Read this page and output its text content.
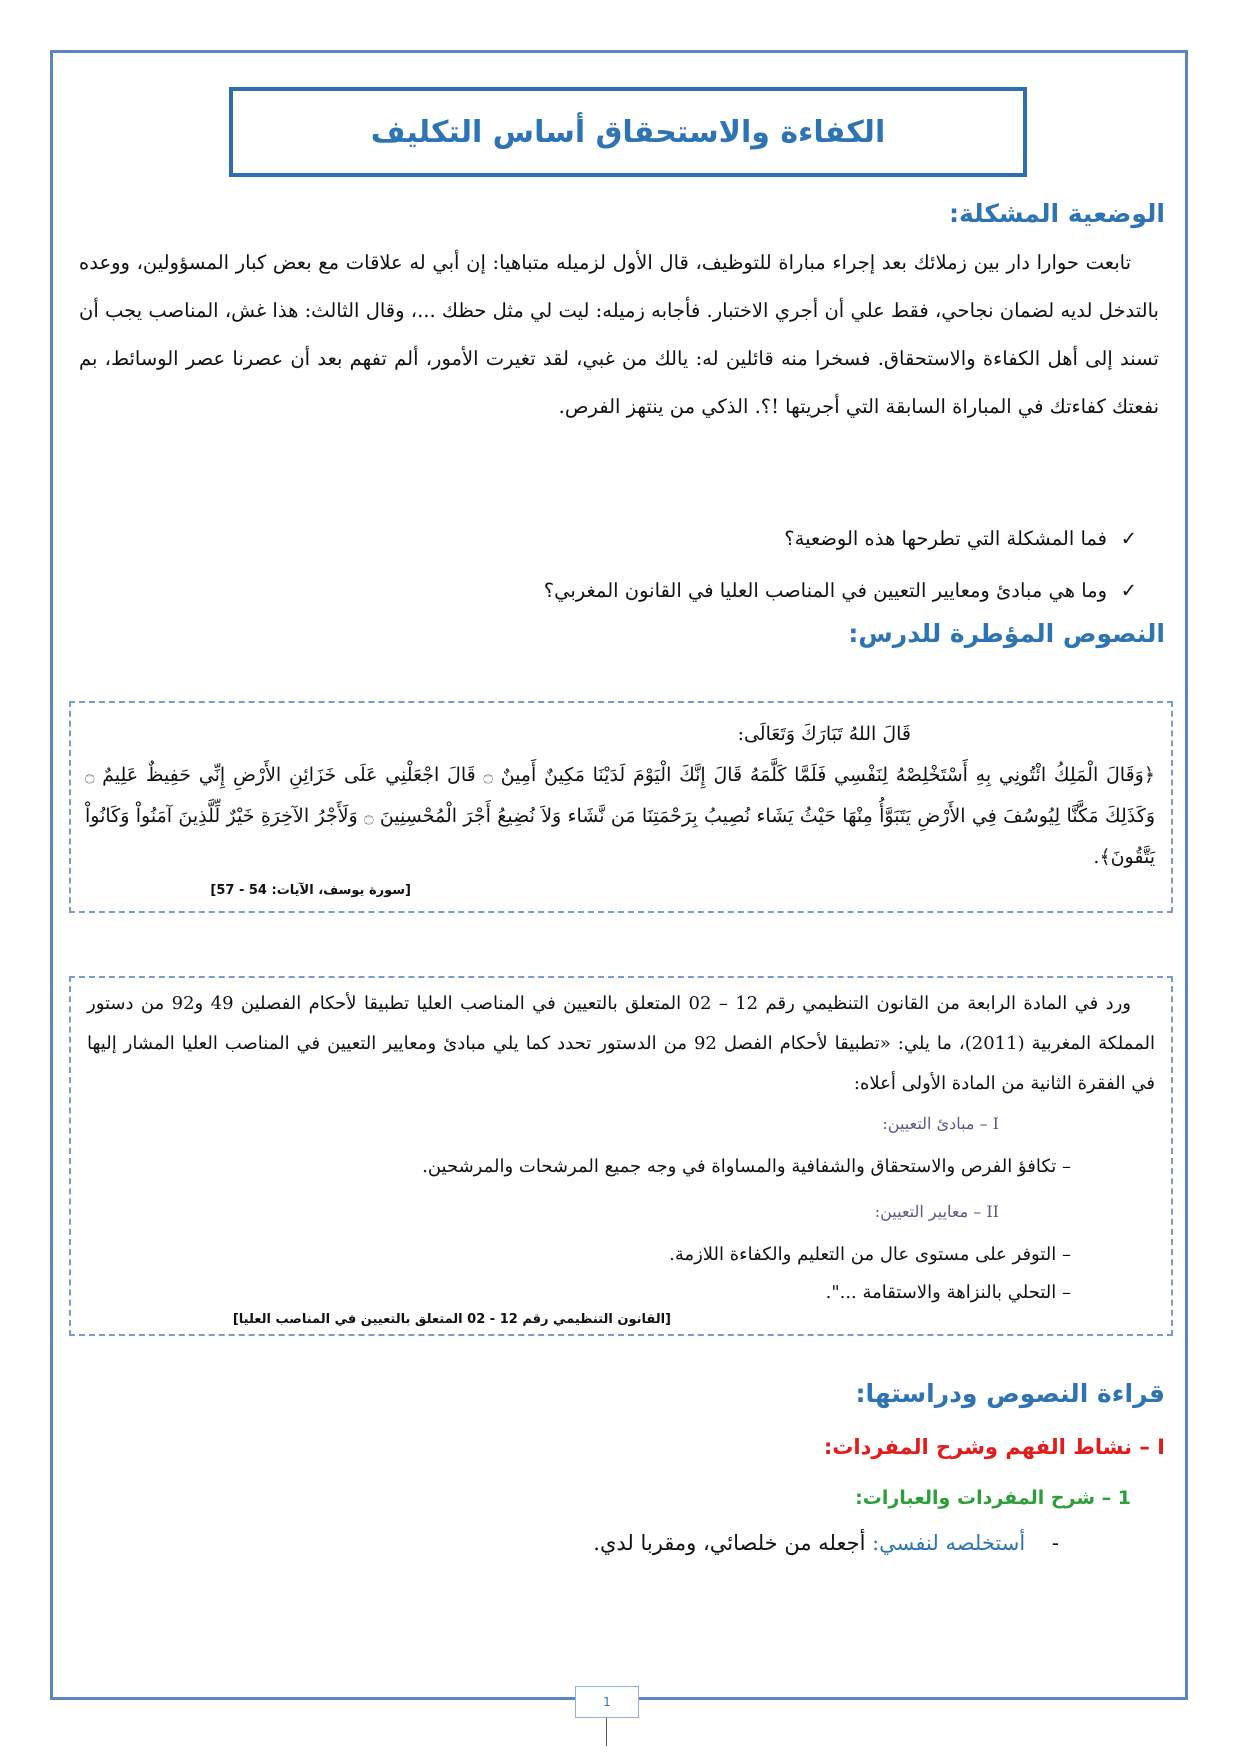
الكفاءة والاستحقاق أساس التكليف
الوضعية المشكلة:

تابعت حوارا دار بين زملائك بعد إجراء مباراة للتوظيف، قال الأول لزميله متباهيا: إن أبي له علاقات مع بعض كبار المسؤولين، ووعده بالتدخل لديه لضمان نجاحي، فقط علي أن أجري الاختبار. فأجابه زميله: ليت لي مثل حظك ...، وقال الثالث: هذا غش، المناصب يجب أن تسند إلى أهل الكفاءة والاستحقاق. فسخرا منه قائلين له: يالك من غبي، لقد تغيرت الأمور، ألم تفهم بعد أن عصرنا عصر الوسائط، بم نفعتك كفاءتك في المباراة السابقة التي أجريتها !؟. الذكي من ينتهز الفرص.

✓فما المشكلة التي تطرحها هذه الوضعية؟
✓وما هي مبادئ ومعايير التعيين في المناصب العليا في القانون المغربي؟
النصوص المؤطرة للدرس:

قَالَ اللهُ تَبَارَكَ وَتَعَالَى:

﴿وَقَالَ الْمَلِكُ ائْتُونِي بِهِ أَسْتَخْلِصْهُ لِنَفْسِي فَلَمَّا كَلَّمَهُ قَالَ إِنَّكَ الْيَوْمَ لَدَيْنَا مَكِينٌ أَمِينٌ ۝ قَالَ اجْعَلْنِي عَلَى خَزَائِنِ الأَرْضِ إِنِّي حَفِيظٌ عَلِيمٌ ۝ وَكَذَلِكَ مَكَّنَّا لِيُوسُفَ فِي الأَرْضِ يَتَبَوَّأُ مِنْهَا حَيْثُ يَشَاء نُصِيبُ بِرَحْمَتِنَا مَن نَّشَاء وَلاَ نُضِيعُ أَجْرَ الْمُحْسِنِينَ ۝ وَلَأَجْرُ الآخِرَةِ خَيْرٌ لِّلَّذِينَ آمَنُواْ وَكَانُواْ يَتَّقُونَ﴾.

[سورة يوسف، الآيات: 54 - 57]

ورد في المادة الرابعة من القانون التنظيمي رقم 12 – 02 المتعلق بالتعيين في المناصب العليا تطبيقا لأحكام الفصلين 49 و92 من دستور المملكة المغربية (2011)، ما يلي: «تطبيقا لأحكام الفصل 92 من الدستور تحدد كما يلي مبادئ ومعايير التعيين في المناصب العليا المشار إليها في الفقرة الثانية من المادة الأولى أعلاه:

I – مبادئ التعيين:

– تكافؤ الفرص والاستحقاق والشفافية والمساواة في وجه جميع المرشحات والمرشحين.

II – معايير التعيين:

– التوفر على مستوى عال من التعليم والكفاءة اللازمة.

– التحلي بالنزاهة والاستقامة ...".

[القانون التنظيمي رقم 12 - 02 المتعلق بالتعيين في المناصب العليا]

قراءة النصوص ودراستها:
I – نشاط الفهم وشرح المفردات:
1 – شرح المفردات والعبارات:

-    أستخلصه لنفسي: أجعله من خلصائي، ومقربا لدي.

1
